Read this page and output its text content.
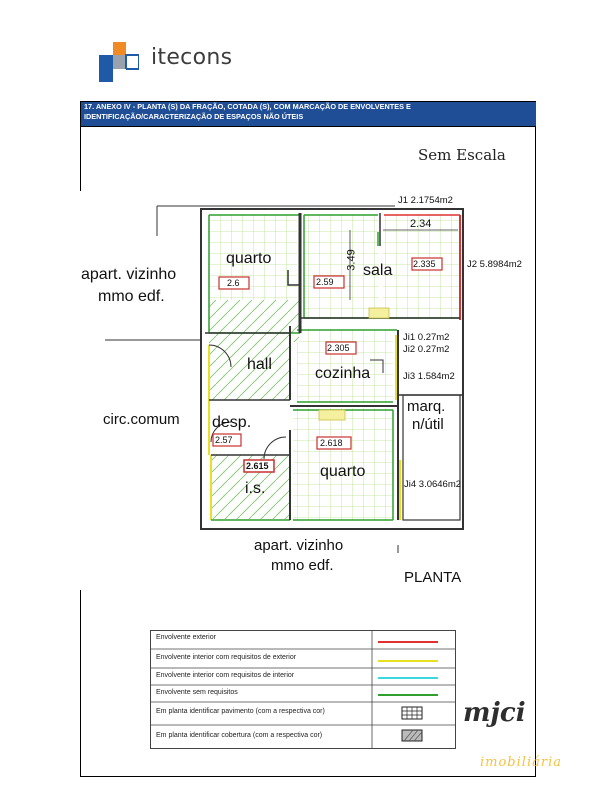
itecons
17. ANEXO IV - PLANTA (S) DA FRAÇÃO, COTADA (S), COM MARCAÇÃO DE ENVOLVENTES E
IDENTIFICAÇÃO/CARACTERIZAÇÃO DE ESPAÇOS NÃO ÚTEIS
Sem Escala
apart. vizinho
mmo edf.
circ.comum
apart. vizinho
mmo edf.
PLANTA
quarto
sala
hall
cozinha
desp.
i.s.
quarto
marq.
n/útil
3.49
2.34
2.6	2.59
2.335
2.305
2.57
2.615
2.618
J1 2.1754m2
J2 5.8984m2
Ji1 0.27m2
Ji2 0.27m2
Ji3 1.584m2
Ji4 3.0646m2
Envolvente exterior
Envolvente interior com requisitos de exterior
Envolvente interior com requisitos de interior
Envolvente sem requisitos
Em planta identificar pavimento (com a respectiva cor)
Em planta identificar cobertura (com a respectiva cor)
mjci
imobiliária
